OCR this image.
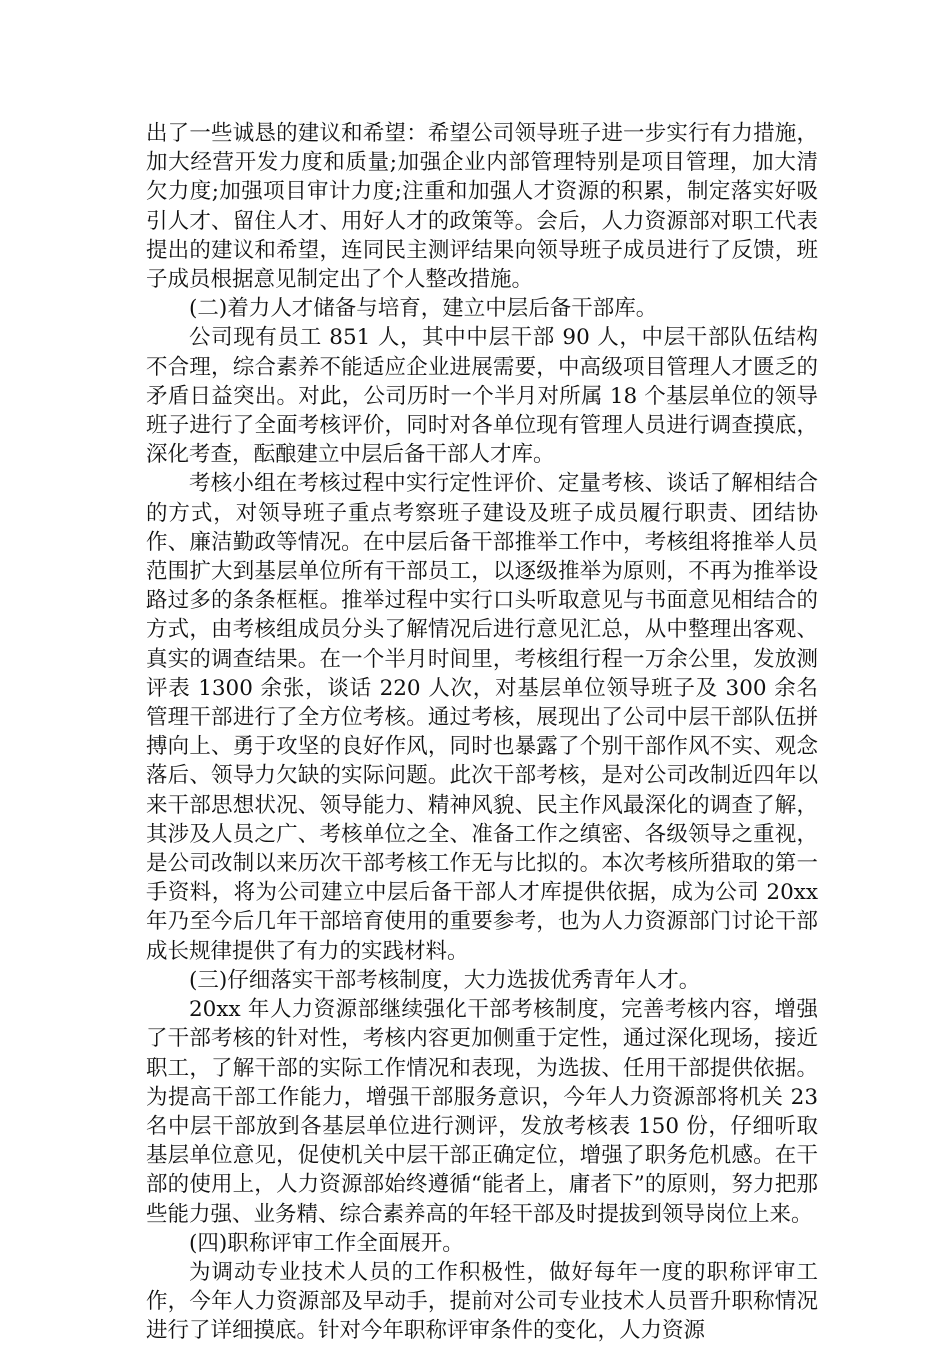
出了一些诚恳的建议和希望：希望公司领导班子进一步实行有力措施，加大经营开发力度和质量;加强企业内部管理特别是项目管理，加大清欠力度;加强项目审计力度;注重和加强人才资源的积累，制定落实好吸引人才、留住人才、用好人才的政策等。会后，人力资源部对职工代表提出的建议和希望，连同民主测评结果向领导班子成员进行了反馈，班子成员根据意见制定出了个人整改措施。

(二)着力人才储备与培育，建立中层后备干部库。

公司现有员工 851 人，其中中层干部 90 人，中层干部队伍结构不合理，综合素养不能适应企业进展需要，中高级项目管理人才匮乏的矛盾日益突出。对此，公司历时一个半月对所属 18 个基层单位的领导班子进行了全面考核评价，同时对各单位现有管理人员进行调查摸底，深化考查，酝酿建立中层后备干部人才库。

考核小组在考核过程中实行定性评价、定量考核、谈话了解相结合的方式，对领导班子重点考察班子建设及班子成员履行职责、团结协作、廉洁勤政等情况。在中层后备干部推举工作中，考核组将推举人员范围扩大到基层单位所有干部员工，以逐级推举为原则，不再为推举设路过多的条条框框。推举过程中实行口头听取意见与书面意见相结合的方式，由考核组成员分头了解情况后进行意见汇总，从中整理出客观、真实的调查结果。在一个半月时间里，考核组行程一万余公里，发放测评表 1300 余张，谈话 220 人次，对基层单位领导班子及 300 余名管理干部进行了全方位考核。通过考核，展现出了公司中层干部队伍拼搏向上、勇于攻坚的良好作风，同时也暴露了个别干部作风不实、观念落后、领导力欠缺的实际问题。此次干部考核，是对公司改制近四年以来干部思想状况、领导能力、精神风貌、民主作风最深化的调查了解，其涉及人员之广、考核单位之全、准备工作之缜密、各级领导之重视，是公司改制以来历次干部考核工作无与比拟的。本次考核所猎取的第一手资料，将为公司建立中层后备干部人才库提供依据，成为公司 20xx 年乃至今后几年干部培育使用的重要参考，也为人力资源部门讨论干部成长规律提供了有力的实践材料。

(三)仔细落实干部考核制度，大力选拔优秀青年人才。

20xx 年人力资源部继续强化干部考核制度，完善考核内容，增强了干部考核的针对性，考核内容更加侧重于定性，通过深化现场，接近职工，了解干部的实际工作情况和表现，为选拔、任用干部提供依据。为提高干部工作能力，增强干部服务意识，今年人力资源部将机关 23 名中层干部放到各基层单位进行测评，发放考核表 150 份，仔细听取基层单位意见，促使机关中层干部正确定位，增强了职务危机感。在干部的使用上，人力资源部始终遵循“能者上，庸者下”的原则，努力把那些能力强、业务精、综合素养高的年轻干部及时提拔到领导岗位上来。

(四)职称评审工作全面展开。

为调动专业技术人员的工作积极性，做好每年一度的职称评审工作，今年人力资源部及早动手，提前对公司专业技术人员晋升职称情况进行了详细摸底。针对今年职称评审条件的变化，人力资源
